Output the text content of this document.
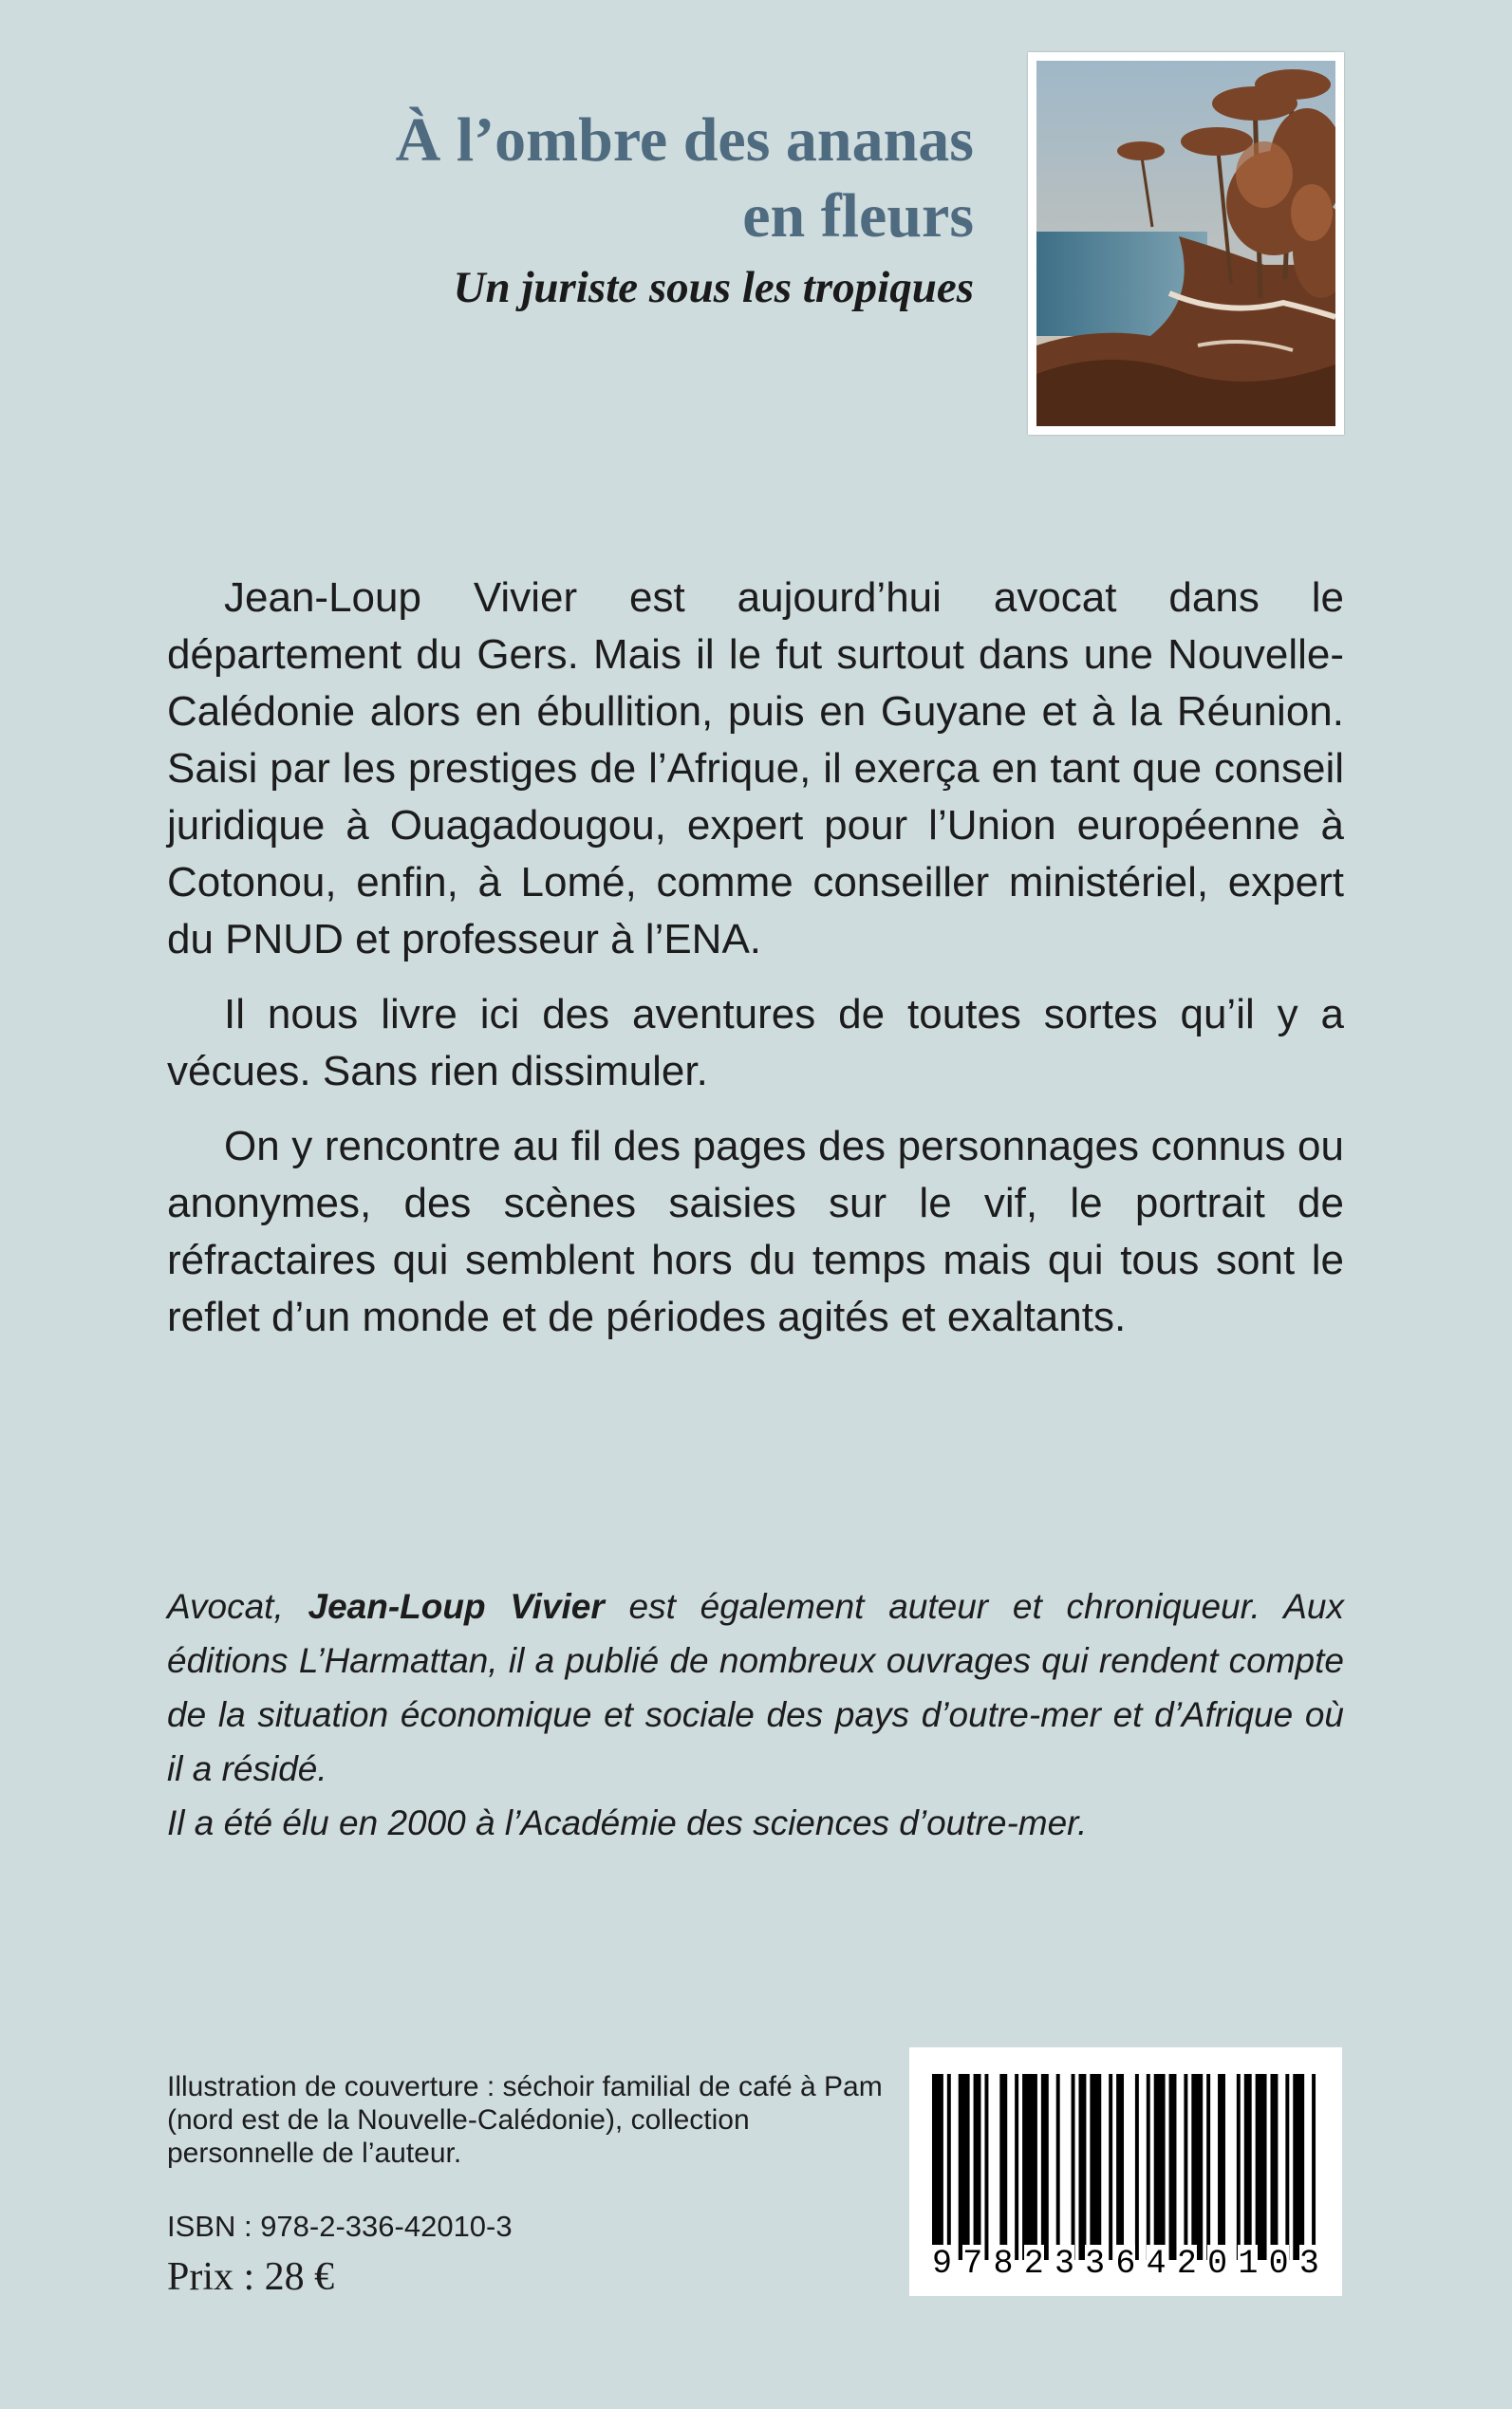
À l’ombre des ananas
en fleurs
Un juriste sous les tropiques

Jean-Loup Vivier est aujourd’hui avocat dans le département du Gers. Mais il le fut surtout dans une Nouvelle-Calédonie alors en ébullition, puis en Guyane et à la Réunion. Saisi par les prestiges de l’Afrique, il exerça en tant que conseil juridique à Ouagadougou, expert pour l’Union européenne à Cotonou, enfin, à Lomé, comme conseiller ministériel, expert du PNUD et professeur à l’ENA.

Il nous livre ici des aventures de toutes sortes qu’il y a vécues. Sans rien dissimuler.

On y rencontre au fil des pages des personnages connus ou anonymes, des scènes saisies sur le vif, le portrait de réfractaires qui semblent hors du temps mais qui tous sont le reflet d’un monde et de périodes agités et exaltants.

Avocat, Jean-Loup Vivier est également auteur et chroniqueur. Aux éditions L’Harmattan, il a publié de nombreux ouvrages qui rendent compte de la situation économique et sociale des pays d’outre-mer et d’Afrique où il a résidé.

Il a été élu en 2000 à l’Académie des sciences d’outre-mer.

Illustration de couverture : séchoir familial de café à Pam (nord est de la Nouvelle-Calédonie), collection personnelle de l’auteur.
ISBN : 978-2-336-42010-3
Prix : 28 €	9 7 8 2 3 3 6 4 2 0 1 0 3
